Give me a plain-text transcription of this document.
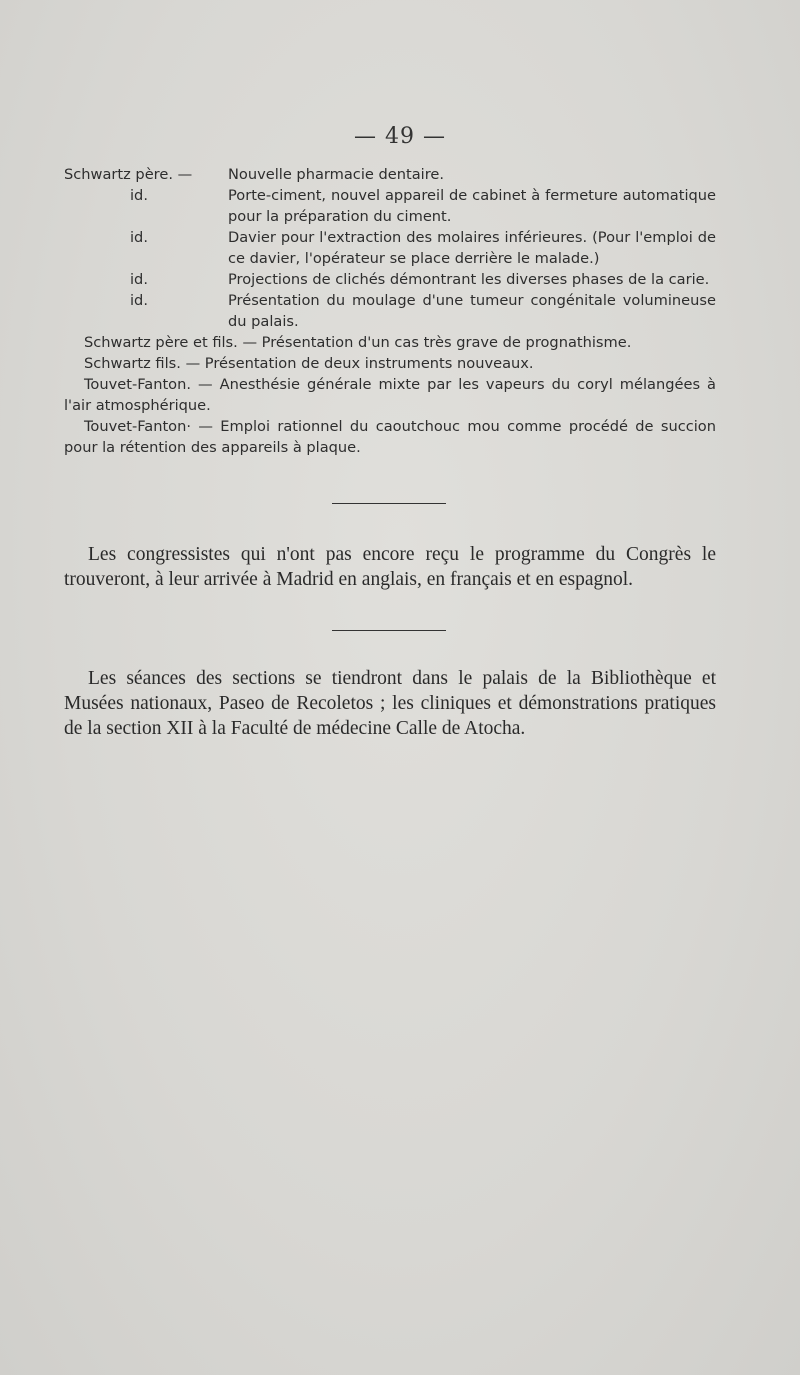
— 49 —
Schwartz père. —	Nouvelle pharmacie dentaire.
id.	Porte-ciment, nouvel appareil de cabinet à fermeture automatique pour la préparation du ciment.
id.	Davier pour l'extraction des molaires inférieures. (Pour l'emploi de ce davier, l'opérateur se place derrière le malade.)
id.	Projections de clichés démontrant les diverses phases de la carie.
id.	Présentation du moulage d'une tumeur congénitale volumineuse du palais.
Schwartz père et fils. — Présentation d'un cas très grave de prognathisme.
Schwartz fils. — Présentation de deux instruments nouveaux.
Touvet-Fanton. — Anesthésie générale mixte par les vapeurs du coryl mélangées à l'air atmosphérique.
Touvet-Fanton· — Emploi rationnel du caoutchouc mou comme procédé de succion pour la rétention des appareils à plaque.
Les congressistes qui n'ont pas encore reçu le programme du Congrès le trouveront, à leur arrivée à Madrid en anglais, en français et en espagnol.
Les séances des sections se tiendront dans le palais de la Bibliothèque et Musées nationaux, Paseo de Recoletos ; les cliniques et démonstrations pratiques de la section XII à la Faculté de médecine Calle de Atocha.
